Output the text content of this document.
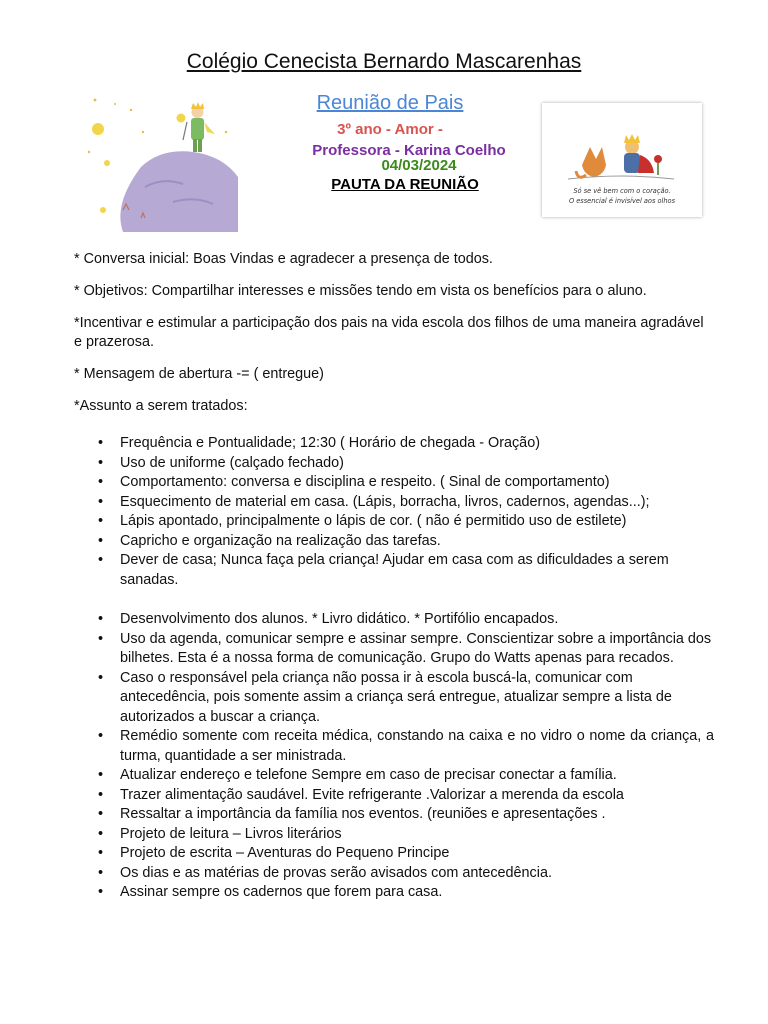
Colégio Cenecista Bernardo Mascarenhas
Reunião de Pais
3º ano - Amor -
Professora - Karina Coelho
04/03/2024
PAUTA DA REUNIÃO	Só se vê bem com o coração.
O essencial é invisível aos olhos

* Conversa inicial: Boas Vindas e agradecer a presença de todos.

* Objetivos: Compartilhar interesses e missões tendo em vista os benefícios para o aluno.

*Incentivar e estimular a participação dos pais na vida escola dos filhos de uma maneira agradável e prazerosa.

* Mensagem de abertura -= ( entregue)

*Assunto a serem tratados:

• Frequência e Pontualidade; 12:30 ( Horário de chegada - Oração)
• Uso de uniforme (calçado fechado)
• Comportamento: conversa e disciplina e respeito. ( Sinal de comportamento)
• Esquecimento de material em casa. (Lápis, borracha, livros, cadernos, agendas...);
• Lápis apontado, principalmente o lápis de cor. ( não é permitido uso de estilete)
• Capricho e organização na realização das tarefas.
• Dever de casa; Nunca faça pela criança! Ajudar em casa com as dificuldades a serem sanadas.
• Desenvolvimento dos alunos. * Livro didático. * Portifólio encapados.
• Uso da agenda, comunicar sempre e assinar sempre. Conscientizar sobre a importância dos bilhetes. Esta é a nossa forma de comunicação. Grupo do Watts apenas para recados.
• Caso o responsável pela criança não possa ir à escola buscá-la, comunicar com antecedência, pois somente assim a criança será entregue, atualizar sempre a lista de autorizados a buscar a criança.
• Remédio somente com receita médica, constando na caixa e no vidro o nome da criança, a turma, quantidade a ser ministrada.
• Atualizar endereço e telefone Sempre em caso de precisar conectar a família.
• Trazer alimentação saudável. Evite refrigerante .Valorizar a merenda da escola
• Ressaltar a importância da família nos eventos. (reuniões e apresentações .
• Projeto de leitura – Livros literários
• Projeto de escrita – Aventuras do Pequeno Principe
• Os dias e as matérias de provas serão avisados com antecedência.
• Assinar sempre os cadernos que forem para casa.
